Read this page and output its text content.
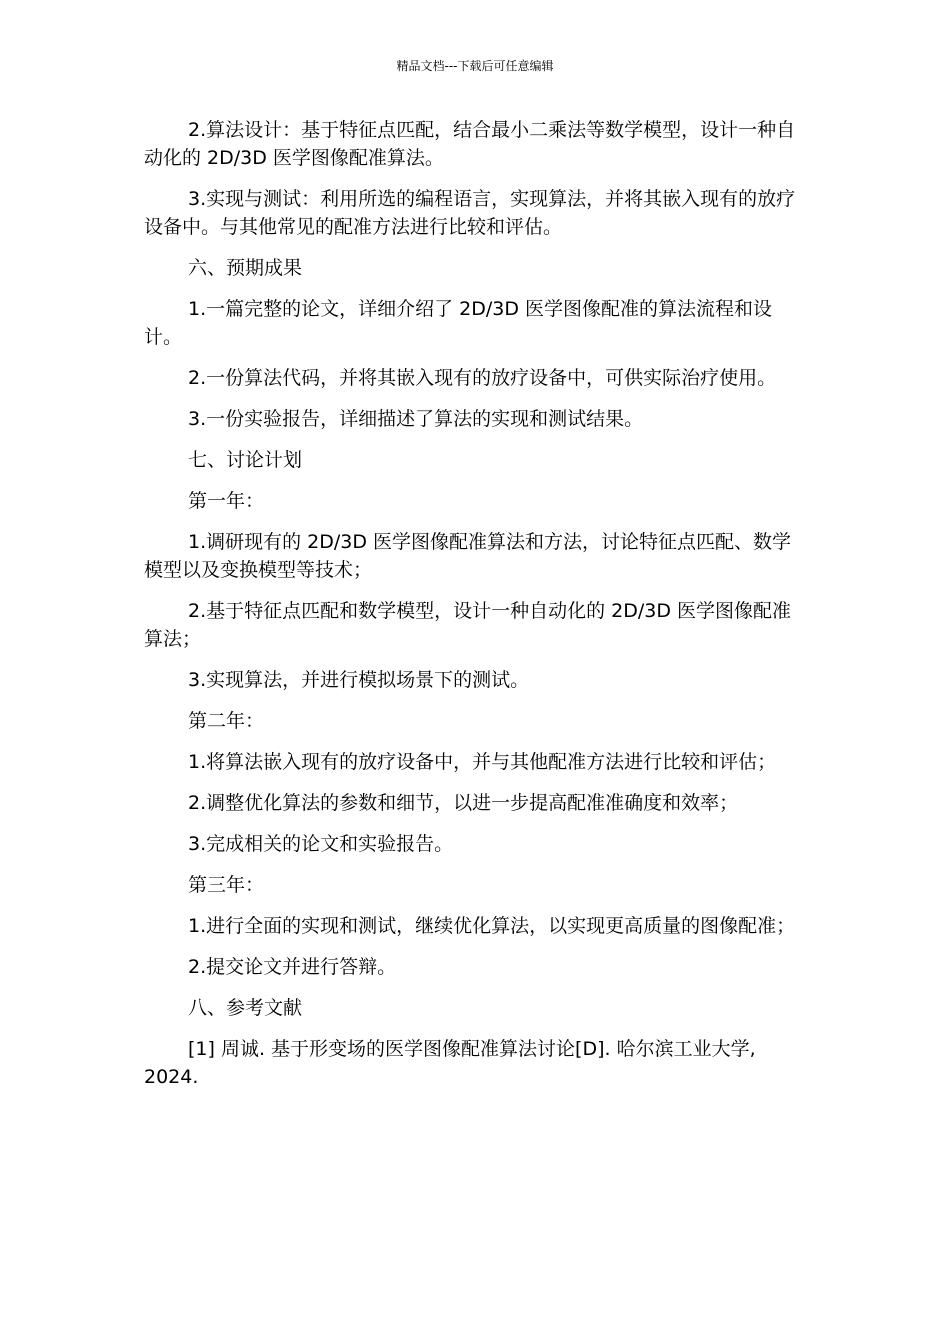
精品文档---下载后可任意编辑

2.算法设计：基于特征点匹配，结合最小二乘法等数学模型，设计一种自动化的 2D/3D 医学图像配准算法。

3.实现与测试：利用所选的编程语言，实现算法，并将其嵌入现有的放疗设备中。与其他常见的配准方法进行比较和评估。

六、预期成果

1.一篇完整的论文，详细介绍了 2D/3D 医学图像配准的算法流程和设计。

2.一份算法代码，并将其嵌入现有的放疗设备中，可供实际治疗使用。

3.一份实验报告，详细描述了算法的实现和测试结果。

七、讨论计划

第一年：

1.调研现有的 2D/3D 医学图像配准算法和方法，讨论特征点匹配、数学模型以及变换模型等技术；

2.基于特征点匹配和数学模型，设计一种自动化的 2D/3D 医学图像配准算法；

3.实现算法，并进行模拟场景下的测试。

第二年：

1.将算法嵌入现有的放疗设备中，并与其他配准方法进行比较和评估；

2.调整优化算法的参数和细节，以进一步提高配准准确度和效率；

3.完成相关的论文和实验报告。

第三年：

1.进行全面的实现和测试，继续优化算法，以实现更高质量的图像配准；

2.提交论文并进行答辩。

八、参考文献

[1] 周诚. 基于形变场的医学图像配准算法讨论[D]. 哈尔滨工业大学, 2024.
